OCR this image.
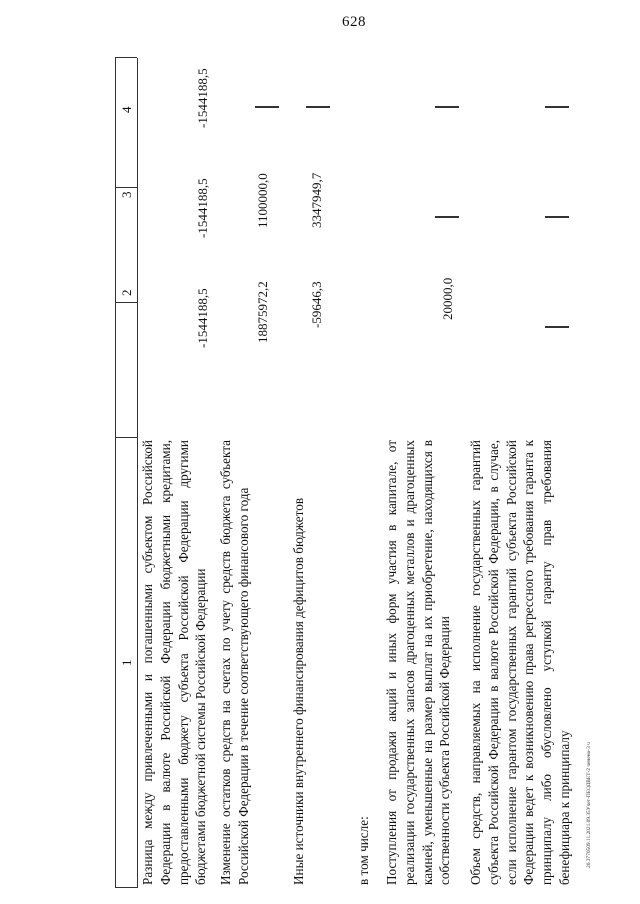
628
20.3770509.11.2021.09.35Учет-ПЕОДВЕТ-2 ченено-3 ч
1
2
3
4
Разница между привлеченными и погашенными субъектом Российской Федерации в валюте Российской Федерации бюджетными кредитами, предоставленными бюджету субъекта Российской Федерации другими бюджетами бюджетной системы Российской Федерации
-1544188,5
-1544188,5
-1544188,5
Изменение остатков средств на счетах по учету средств бюджета субъекта Российской Федерации в течение соответствующего финансового года
18875972,2
1100000,0
Иные источники внутреннего финансирования дефицитов бюджетов
-59646,3
3347949,7
в том числе: Поступления от продажи акций и иных форм участия в капитале, от реализации государственных запасов драгоценных металлов и драгоценных камней, уменьшенные на размер выплат на их приобретение, находящихся в собственности субъекта Российской Федерации
20000,0
Объем средств, направляемых на исполнение государственных гарантий субъекта Российской Федерации в валюте Российской Федерации, в случае, если исполнение гарантом государственных гарантий субъекта Российской Федерации ведет к возникновению права регрессного требования гаранта к принципалу либо обусловлено уступкой гаранту прав требования бенефициара к принципалу
